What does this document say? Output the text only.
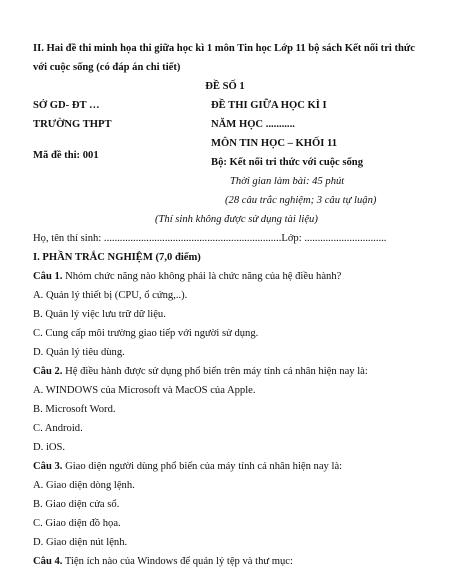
II. Hai đề thi minh họa thi giữa học kì 1 môn Tin học Lớp 11 bộ sách Kết nối tri thức
với cuộc sống (có đáp án chi tiết)
ĐỀ SỐ 1
SỞ GD- ĐT …
TRƯỜNG THPT
Mã đề thi: 001
ĐỀ THI GIỮA HỌC KÌ I
NĂM HỌC ...........
MÔN TIN HỌC – KHỐI 11
Bộ: Kết nối tri thức với cuộc sống
Thời gian làm bài: 45 phút
(28 câu trắc nghiệm; 3 câu tự luận)
(Thí sinh không được sử dụng tài liệu)
Họ, tên thí sinh: ...................................................................Lớp: ...............................
I. PHẦN TRẮC NGHIỆM (7,0 điểm)
Câu 1. Nhóm chức năng nào không phải là chức năng của hệ điều hành?
A. Quản lý thiết bị (CPU, ổ cứng,..).
B. Quản lý việc lưu trữ dữ liệu.
C. Cung cấp môi trường giao tiếp với người sử dụng.
D. Quản lý tiêu dùng.
Câu 2. Hệ điều hành được sử dụng phổ biến trên máy tính cá nhân hiện nay là:
A. WINDOWS của Microsoft và MacOS của Apple.
B. Microsoft Word.
C. Android.
D. iOS.
Câu 3. Giao diện người dùng phổ biến của máy tính cá nhân hiện nay là:
A. Giao diện dòng lệnh.
B. Giao diện cửa sổ.
C. Giao diện đồ họa.
D. Giao diện nút lệnh.
Câu 4. Tiện ích nào của Windows để quản lý tệp và thư mục:
